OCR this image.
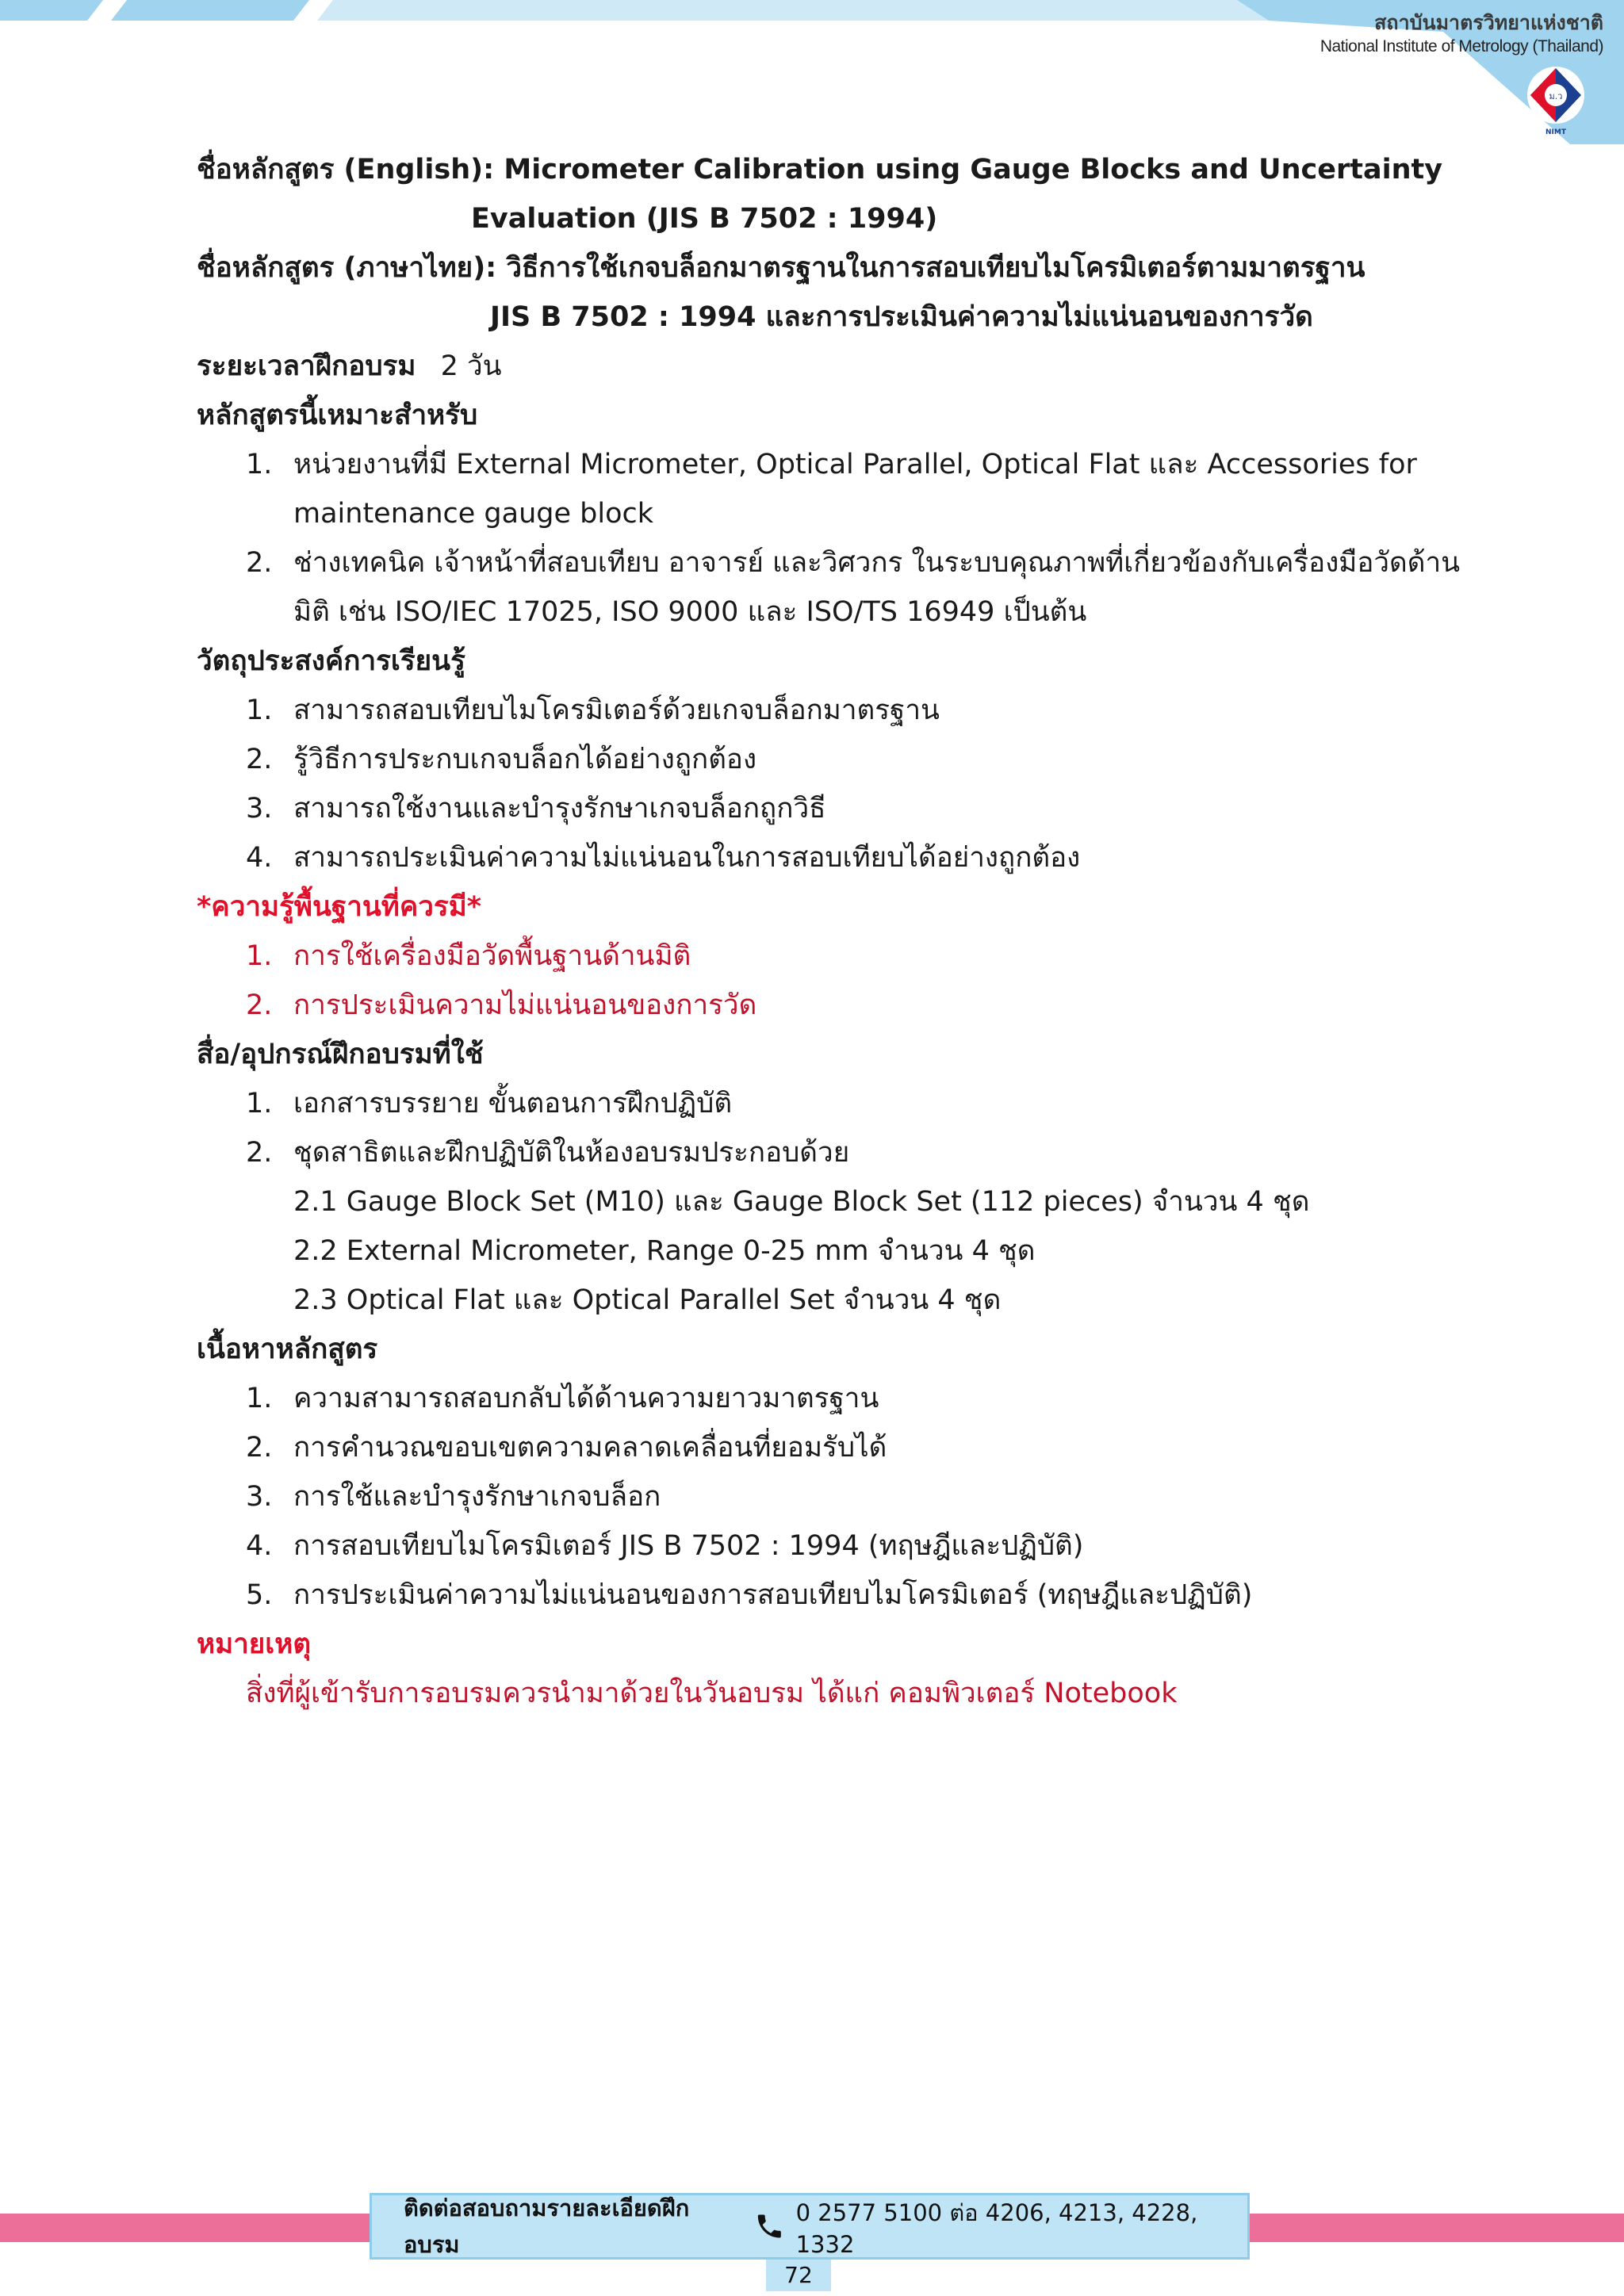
สถาบันมาตรวิทยาแห่งชาติ
National Institute of Metrology (Thailand)
ม.ว
NIMT
ชื่อหลักสูตร (English): Micrometer Calibration using Gauge Blocks and Uncertainty
Evaluation (JIS B 7502 : 1994)
ชื่อหลักสูตร (ภาษาไทย): วิธีการใช้เกจบล็อกมาตรฐานในการสอบเทียบไมโครมิเตอร์ตามมาตรฐาน
JIS B 7502 : 1994 และการประเมินค่าความไม่แน่นอนของการวัด
ระยะเวลาฝึกอบรม 2 วัน
หลักสูตรนี้เหมาะสำหรับ
1. หน่วยงานที่มี External Micrometer, Optical Parallel, Optical Flat และ Accessories for
maintenance gauge block
2. ช่างเทคนิค เจ้าหน้าที่สอบเทียบ อาจารย์ และวิศวกร ในระบบคุณภาพที่เกี่ยวข้องกับเครื่องมือวัดด้าน
มิติ เช่น ISO/IEC 17025, ISO 9000 และ ISO/TS 16949 เป็นต้น
วัตถุประสงค์การเรียนรู้
1. สามารถสอบเทียบไมโครมิเตอร์ด้วยเกจบล็อกมาตรฐาน
2. รู้วิธีการประกบเกจบล็อกได้อย่างถูกต้อง
3. สามารถใช้งานและบำรุงรักษาเกจบล็อกถูกวิธี
4. สามารถประเมินค่าความไม่แน่นอนในการสอบเทียบได้อย่างถูกต้อง
*ความรู้พื้นฐานที่ควรมี*
1. การใช้เครื่องมือวัดพื้นฐานด้านมิติ
2. การประเมินความไม่แน่นอนของการวัด
สื่อ/อุปกรณ์ฝึกอบรมที่ใช้
1. เอกสารบรรยาย ขั้นตอนการฝึกปฏิบัติ
2. ชุดสาธิตและฝึกปฏิบัติในห้องอบรมประกอบด้วย
2.1 Gauge Block Set (M10) และ Gauge Block Set (112 pieces) จำนวน 4 ชุด
2.2 External Micrometer, Range 0-25 mm จำนวน 4 ชุด
2.3 Optical Flat และ Optical Parallel Set จำนวน 4 ชุด
เนื้อหาหลักสูตร
1. ความสามารถสอบกลับได้ด้านความยาวมาตรฐาน
2. การคำนวณขอบเขตความคลาดเคลื่อนที่ยอมรับได้
3. การใช้และบำรุงรักษาเกจบล็อก
4. การสอบเทียบไมโครมิเตอร์ JIS B 7502 : 1994 (ทฤษฎีและปฏิบัติ)
5. การประเมินค่าความไม่แน่นอนของการสอบเทียบไมโครมิเตอร์ (ทฤษฎีและปฏิบัติ)
หมายเหตุ
สิ่งที่ผู้เข้ารับการอบรมควรนำมาด้วยในวันอบรม ได้แก่ คอมพิวเตอร์ Notebook
ติดต่อสอบถามรายละเอียดฝึกอบรม
0 2577 5100 ต่อ 4206, 4213, 4228, 1332
72
